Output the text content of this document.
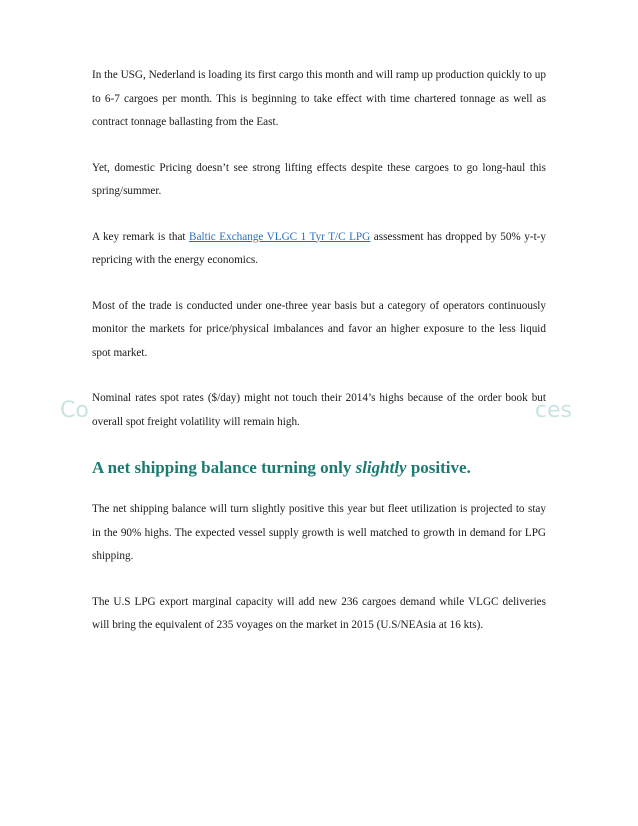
Co	ces

In the USG, Nederland is loading its first cargo this month and will ramp up production quickly to up to 6-7 cargoes per month. This is beginning to take effect with time chartered tonnage as well as contract tonnage ballasting from the East.

Yet, domestic Pricing doesn’t see strong lifting effects despite these cargoes to go long-haul this spring/summer.

A key remark is that Baltic Exchange VLGC 1 Tyr T/C LPG assessment has dropped by 50% y-t-y repricing with the energy economics.

Most of the trade is conducted under one-three year basis but a category of operators continuously monitor the markets for price/physical imbalances and favor an higher exposure to the less liquid spot market.

Nominal rates spot rates ($/day) might not touch their 2014’s highs because of the order book but overall spot freight volatility will remain high.

A net shipping balance turning only slightly positive.

The net shipping balance will turn slightly positive this year but fleet utilization is projected to stay in the 90% highs. The expected vessel supply growth is well matched to growth in demand for LPG shipping.

The U.S LPG export marginal capacity will add new 236 cargoes demand while VLGC deliveries will bring the equivalent of 235 voyages on the market in 2015 (U.S/NEAsia at 16 kts).
